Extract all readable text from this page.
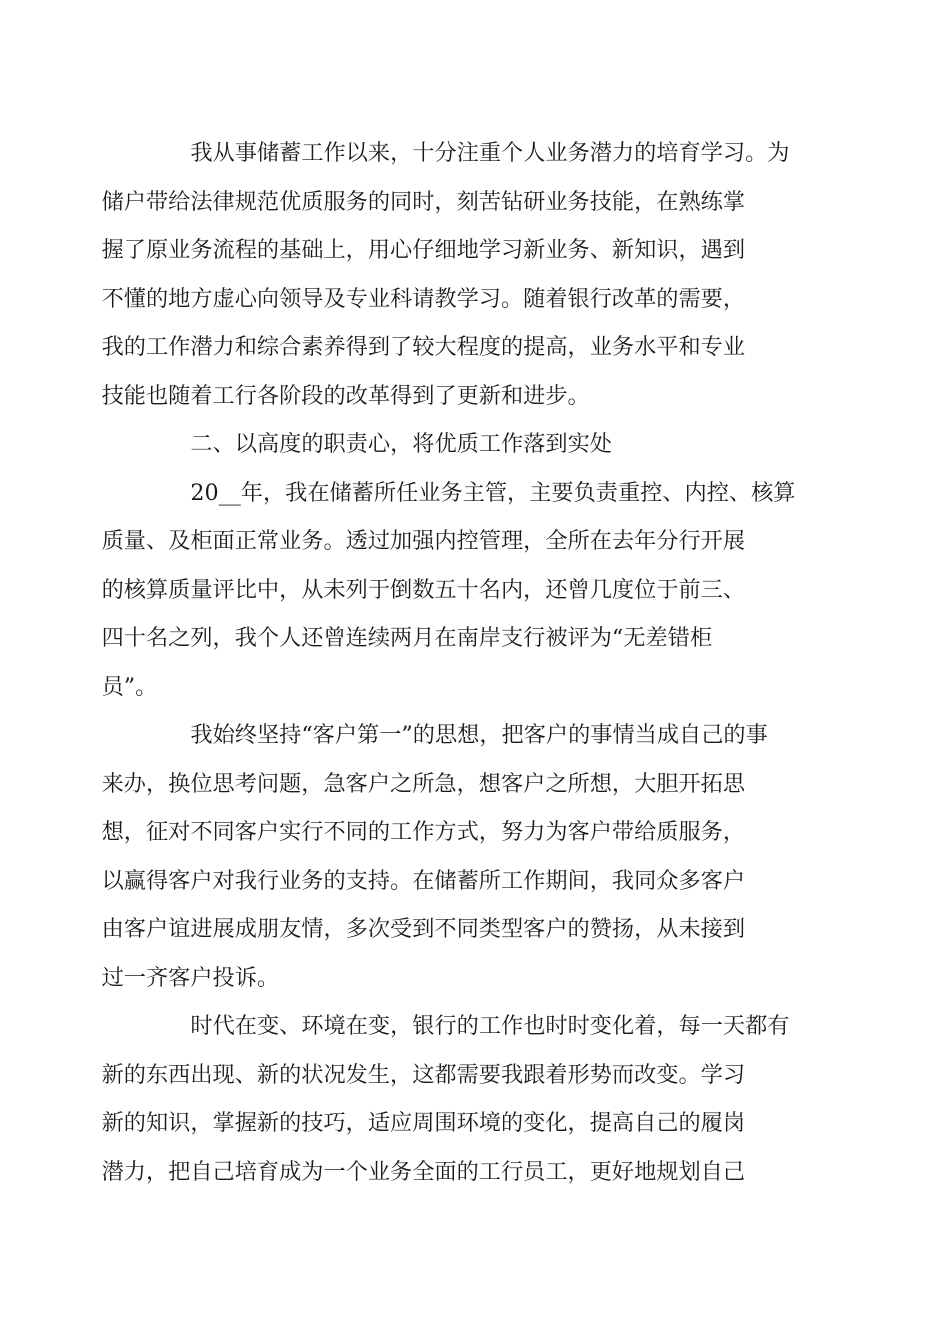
我从事储蓄工作以来，十分注重个人业务潜力的培育学习。为
储户带给法律规范优质服务的同时，刻苦钻研业务技能，在熟练掌
握了原业务流程的基础上，用心仔细地学习新业务、新知识，遇到
不懂的地方虚心向领导及专业科请教学习。随着银行改革的需要，
我的工作潜力和综合素养得到了较大程度的提高，业务水平和专业
技能也随着工行各阶段的改革得到了更新和进步。

二、以高度的职责心，将优质工作落到实处

20__年，我在储蓄所任业务主管，主要负责重控、内控、核算
质量、及柜面正常业务。透过加强内控管理，全所在去年分行开展
的核算质量评比中，从未列于倒数五十名内，还曾几度位于前三、
四十名之列，我个人还曾连续两月在南岸支行被评为“无差错柜
员”。

我始终坚持“客户第一”的思想，把客户的事情当成自己的事
来办，换位思考问题，急客户之所急，想客户之所想，大胆开拓思
想，征对不同客户实行不同的工作方式，努力为客户带给质服务，
以赢得客户对我行业务的支持。在储蓄所工作期间，我同众多客户
由客户谊进展成朋友情，多次受到不同类型客户的赞扬，从未接到
过一齐客户投诉。

时代在变、环境在变，银行的工作也时时变化着，每一天都有
新的东西出现、新的状况发生，这都需要我跟着形势而改变。学习
新的知识，掌握新的技巧，适应周围环境的变化，提高自己的履岗
潜力，把自己培育成为一个业务全面的工行员工，更好地规划自己
